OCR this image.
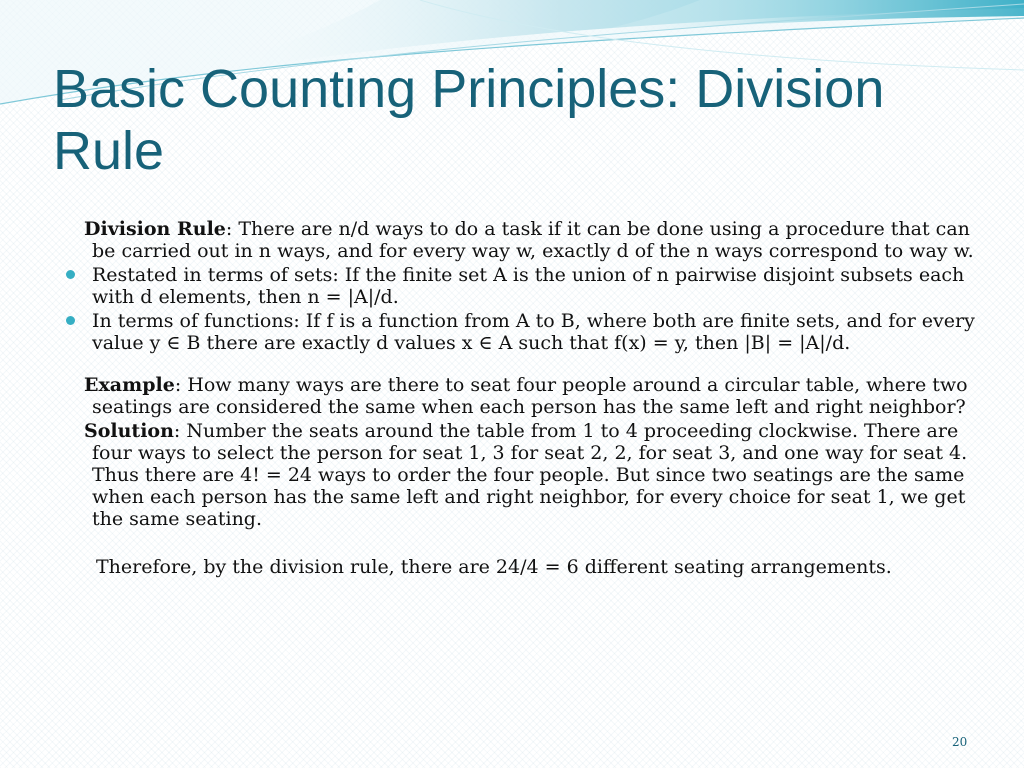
Basic Counting Principles: Division Rule

Division Rule: There are n/d ways to do a task if it can be done using a procedure that can be carried out in n ways, and for every way w, exactly d of the n ways correspond to way w.

Restated in terms of sets: If the finite set A is the union of n pairwise disjoint subsets each with d elements, then n = |A|/d.

In terms of functions: If f is a function from A to B, where both are finite sets, and for every value y ∈ B there are exactly d values x ∈ A such that f(x) = y, then |B| = |A|/d.

Example: How many ways are there to seat four people around a circular table, where two seatings are considered the same when each person has the same left and right neighbor?

Solution: Number the seats around the table from 1 to 4 proceeding clockwise. There are four ways to select the person for seat 1, 3 for seat 2, 2, for seat 3, and one way for seat 4. Thus there are 4! = 24 ways to order the four people. But since two seatings are the same when each person has the same left and right neighbor, for every choice for seat 1, we get the same seating.

Therefore, by the division rule, there are 24/4 = 6 different seating arrangements.

20
